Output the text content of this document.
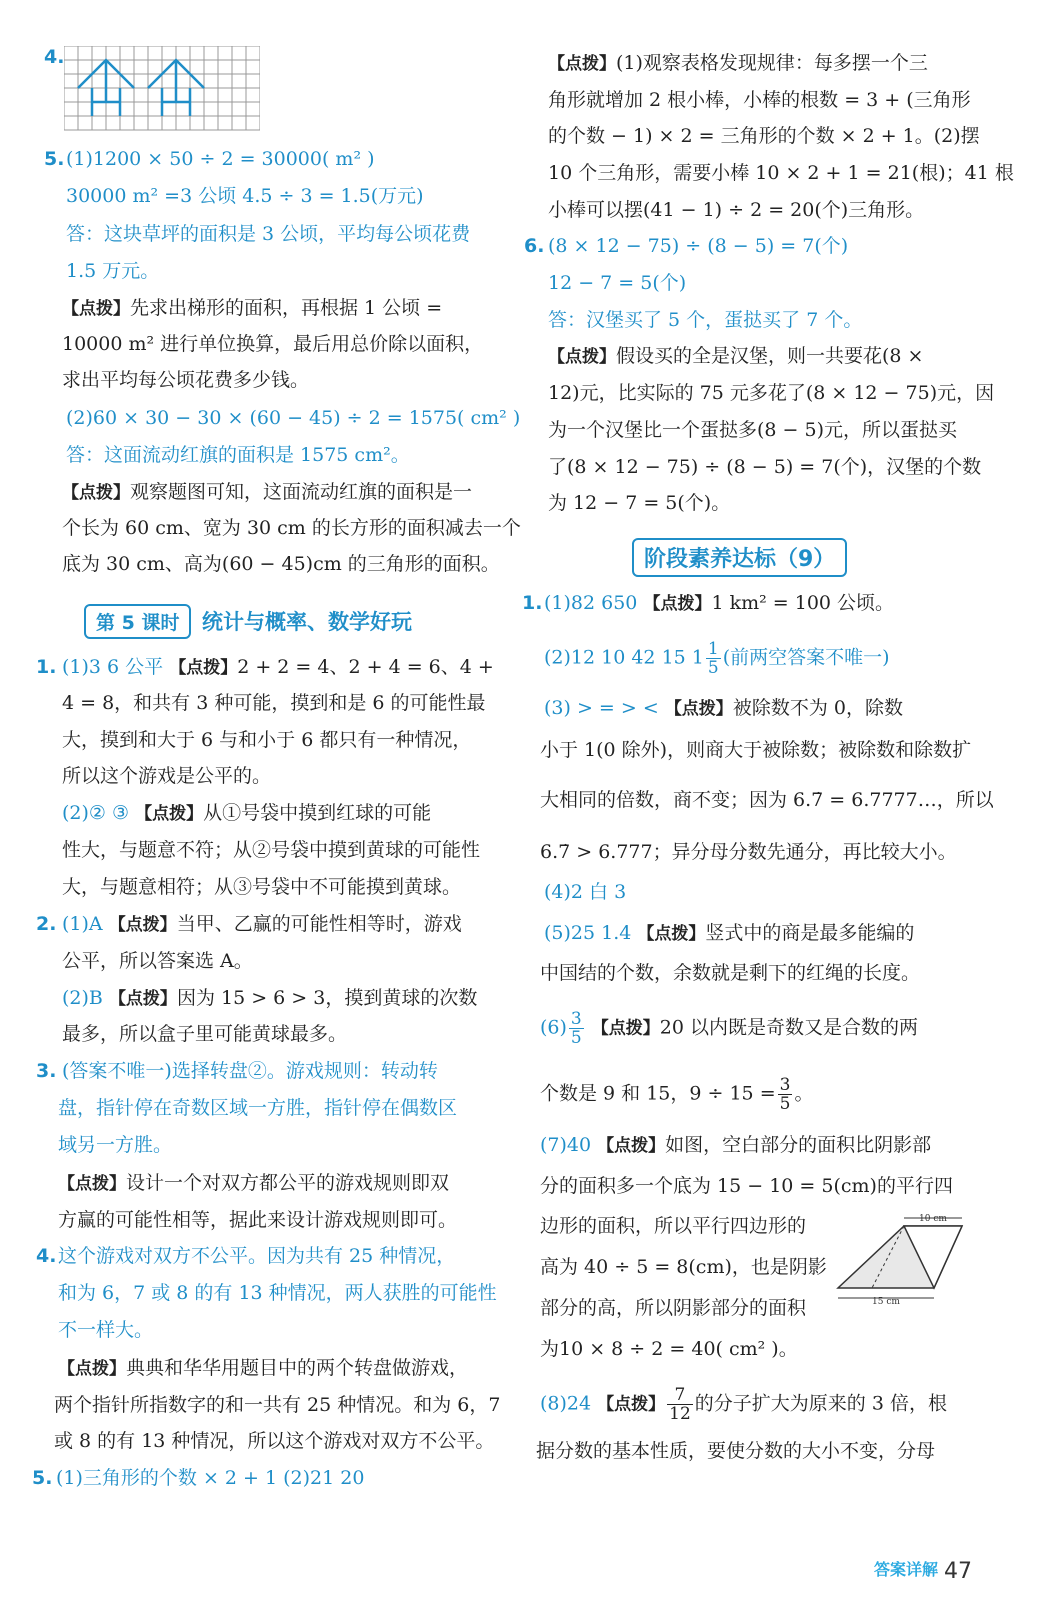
4.
5. (1)1200 × 50 ÷ 2 = 30000( m² )
30000 m² =3 公顷 4.5 ÷ 3 = 1.5(万元)
答：这块草坪的面积是 3 公顷，平均每公顷花费
1.5 万元。
【点拨】先求出梯形的面积，再根据 1 公顷 =
10000 m² 进行单位换算，最后用总价除以面积，
求出平均每公顷花费多少钱。
(2)60 × 30 − 30 × (60 − 45) ÷ 2 = 1575( cm² )
答：这面流动红旗的面积是 1575 cm²。
【点拨】观察题图可知，这面流动红旗的面积是一
个长为 60 cm、宽为 30 cm 的长方形的面积减去一个
底为 30 cm、高为(60 − 45)cm 的三角形的面积。
第 5 课时	统计与概率、数学好玩
1. (1)3 6 公平 【点拨】2 + 2 = 4、2 + 4 = 6、4 +
4 = 8，和共有 3 种可能，摸到和是 6 的可能性最
大，摸到和大于 6 与和小于 6 都只有一种情况，
所以这个游戏是公平的。
(2)② ③ 【点拨】从①号袋中摸到红球的可能
性大，与题意不符；从②号袋中摸到黄球的可能性
大，与题意相符；从③号袋中不可能摸到黄球。
2. (1)A 【点拨】当甲、乙赢的可能性相等时，游戏
公平，所以答案选 A。
(2)B 【点拨】因为 15 > 6 > 3，摸到黄球的次数
最多，所以盒子里可能黄球最多。
3. (答案不唯一)选择转盘②。游戏规则：转动转
盘，指针停在奇数区域一方胜，指针停在偶数区
域另一方胜。
【点拨】设计一个对双方都公平的游戏规则即双
方赢的可能性相等，据此来设计游戏规则即可。
4. 这个游戏对双方不公平。因为共有 25 种情况，
和为 6，7 或 8 的有 13 种情况，两人获胜的可能性
不一样大。
【点拨】典典和华华用题目中的两个转盘做游戏，
两个指针所指数字的和一共有 25 种情况。和为 6，7
或 8 的有 13 种情况，所以这个游戏对双方不公平。
5. (1)三角形的个数 × 2 + 1 (2)21 20
【点拨】(1)观察表格发现规律：每多摆一个三
角形就增加 2 根小棒，小棒的根数 = 3 + (三角形
的个数 − 1) × 2 = 三角形的个数 × 2 + 1。(2)摆
10 个三角形，需要小棒 10 × 2 + 1 = 21(根)；41 根
小棒可以摆(41 − 1) ÷ 2 = 20(个)三角形。
6. (8 × 12 − 75) ÷ (8 − 5) = 7(个)
12 − 7 = 5(个)
答：汉堡买了 5 个，蛋挞买了 7 个。
【点拨】假设买的全是汉堡，则一共要花(8 ×
12)元，比实际的 75 元多花了(8 × 12 − 75)元，因
为一个汉堡比一个蛋挞多(8 − 5)元，所以蛋挞买
了(8 × 12 − 75) ÷ (8 − 5) = 7(个)，汉堡的个数
为 12 − 7 = 5(个)。
阶段素养达标（9）
1. (1)82 650 【点拨】1 km² = 100 公顷。
(2)12 10 42 15 $1 \frac{1}{5}$ (前两空答案不唯一)
(3) > = > < 【点拨】被除数不为 0，除数
小于 1(0 除外)，则商大于被除数；被除数和除数扩
大相同的倍数，商不变；因为 6.7̇ = 6.7777…，所以
6.7̇ > 6.777；异分母分数先通分，再比较大小。
(4)2 白 3
(5)25 1.4 【点拨】竖式中的商是最多能编的
中国结的个数，余数就是剩下的红绳的长度。
$(6) \frac{3}{5}$ 【点拨】20 以内既是奇数又是合数的两
个数是 9 和 15，$9 \div 15 = \frac{3}{5}$ 。
(7)40 【点拨】如图，空白部分的面积比阴影部
分的面积多一个底为 15 − 10 = 5(cm)的平行四
边形的面积，所以平行四边形的
高为 40 ÷ 5 = 8(cm)，也是阴影
部分的高，所以阴影部分的面积
为10 × 8 ÷ 2 = 40( cm² )。
10 cm
15 cm
(8)24 【点拨】 $\frac{7}{12}$ 的分子扩大为原来的 3 倍，根
据分数的基本性质，要使分数的大小不变，分母
答案详解 47
